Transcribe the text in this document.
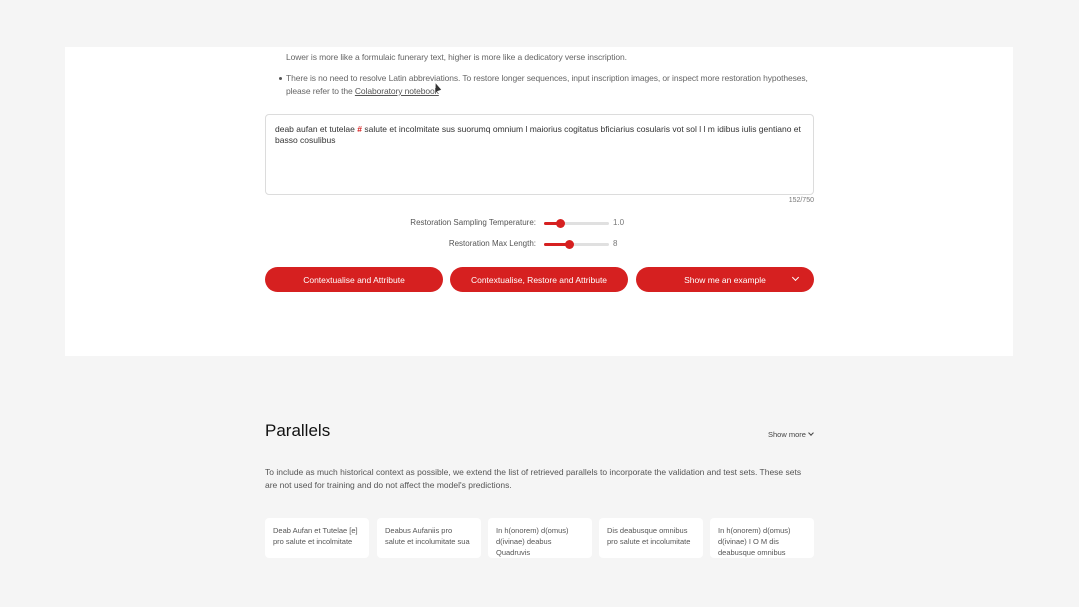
Lower is more like a formulaic funerary text, higher is more like a dedicatory verse inscription.
There is no need to resolve Latin abbreviations. To restore longer sequences, input inscription images, or inspect more restoration hypotheses,
please refer to the Colaboratory notebook
deab aufan et tutelae # salute et incolmitate sus suorumq omnium l maiorius cogitatus bficiarius cosularis vot sol l l m idibus iulis gentiano et basso cosulibus
152/750
Restoration Sampling Temperature:	1.0
Restoration Max Length:	8
Contextualise and Attribute	Contextualise, Restore and Attribute	Show me an example
Parallels	Show more
To include as much historical context as possible, we extend the list of retrieved parallels to incorporate the validation and test sets. These sets are not used for training and do not affect the model's predictions.
Deab Aufan et Tutelae [e] pro salute et incolmitate
Deabus Aufaniis pro salute et incolumitate sua
In h(onorem) d(omus) d(ivinae) deabus Quadruvis
Dis deabusque omnibus pro salute et incolumitate
In h(onorem) d(omus) d(ivinae) I O M dis deabusque omnibus
